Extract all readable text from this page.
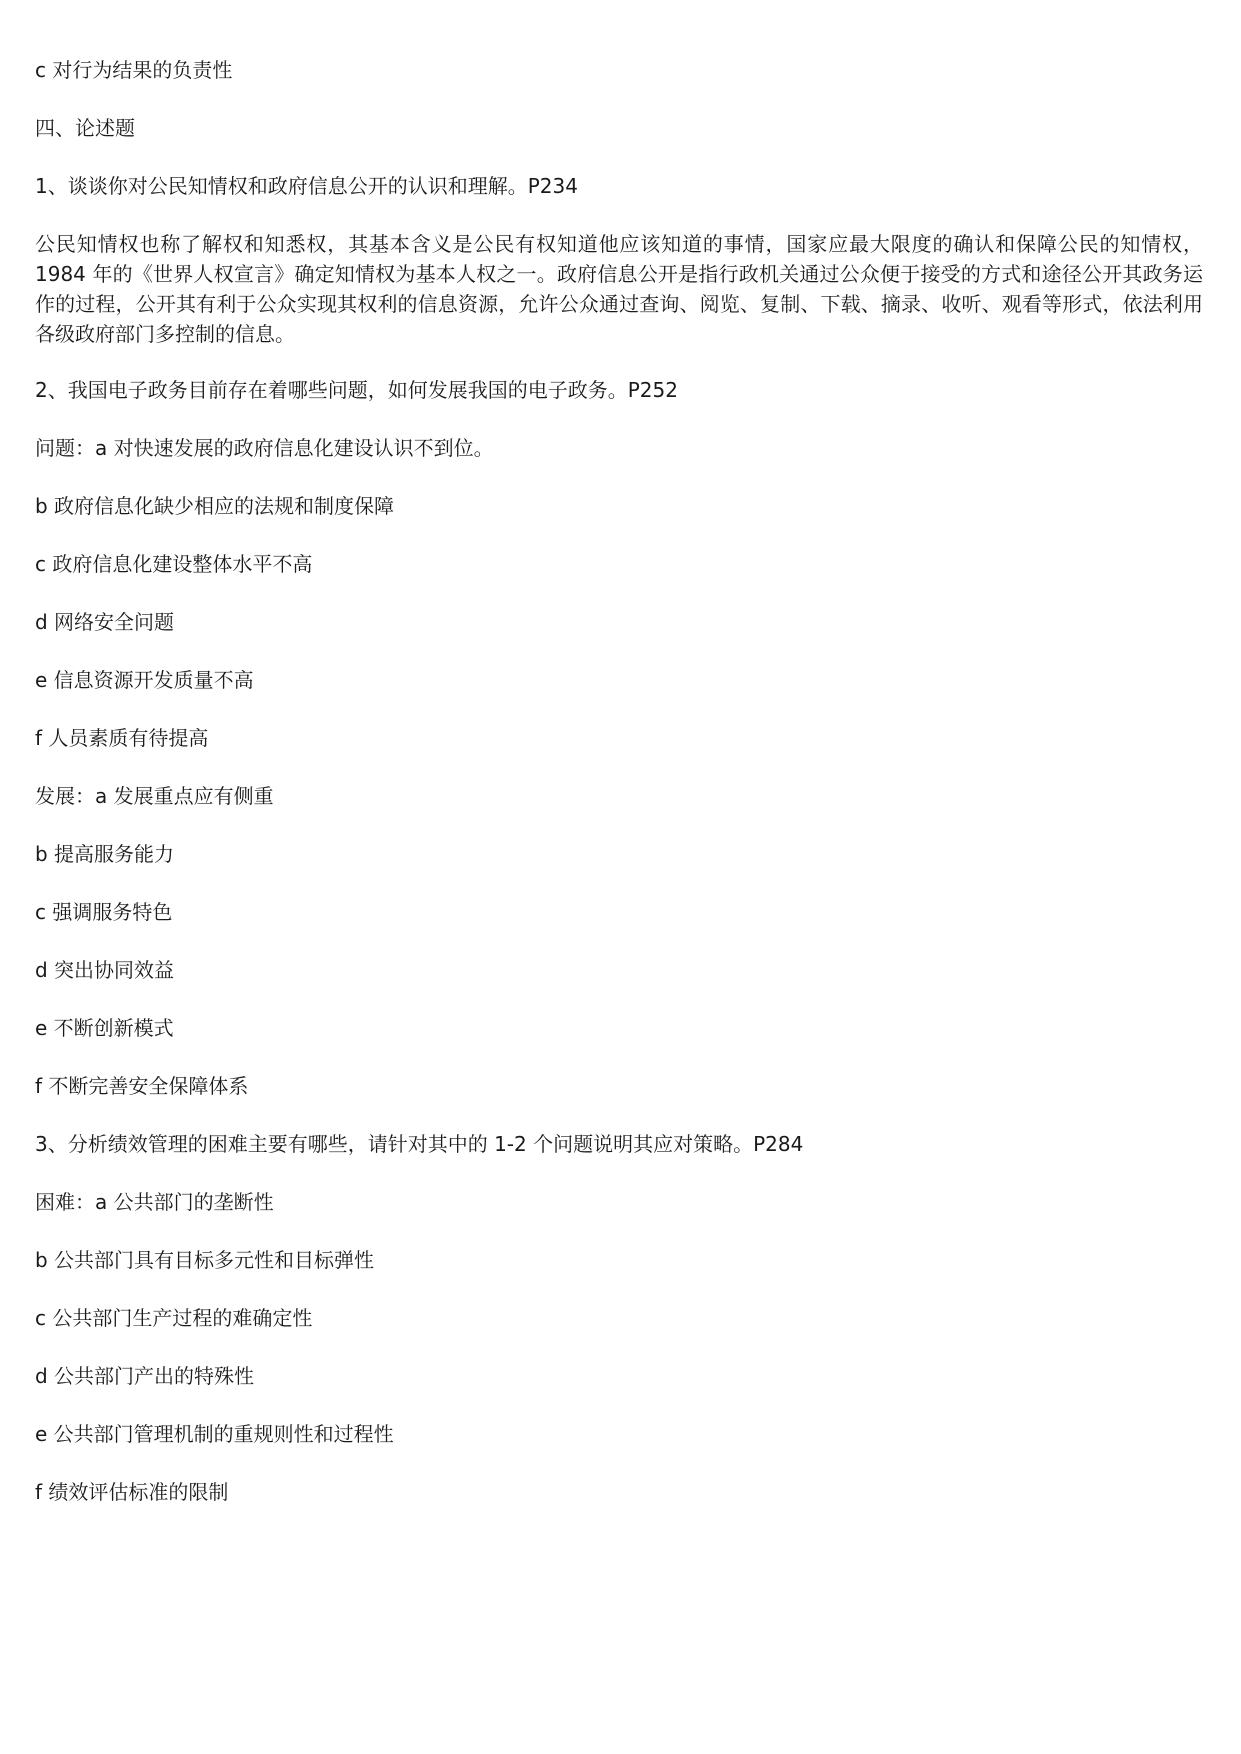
c 对行为结果的负责性

四、论述题

1、谈谈你对公民知情权和政府信息公开的认识和理解。P234

公民知情权也称了解权和知悉权，其基本含义是公民有权知道他应该知道的事情，国家应最大限度的确认和保障公民的知情权，1984 年的《世界人权宣言》确定知情权为基本人权之一。政府信息公开是指行政机关通过公众便于接受的方式和途径公开其政务运作的过程，公开其有利于公众实现其权利的信息资源，允许公众通过查询、阅览、复制、下载、摘录、收听、观看等形式，依法利用各级政府部门多控制的信息。

2、我国电子政务目前存在着哪些问题，如何发展我国的电子政务。P252

问题：a 对快速发展的政府信息化建设认识不到位。

b 政府信息化缺少相应的法规和制度保障

c 政府信息化建设整体水平不高

d 网络安全问题

e 信息资源开发质量不高

f 人员素质有待提高

发展：a 发展重点应有侧重

b 提高服务能力

c 强调服务特色

d 突出协同效益

e 不断创新模式

f 不断完善安全保障体系

3、分析绩效管理的困难主要有哪些，请针对其中的 1-2 个问题说明其应对策略。P284

困难：a 公共部门的垄断性

b 公共部门具有目标多元性和目标弹性

c 公共部门生产过程的难确定性

d 公共部门产出的特殊性

e 公共部门管理机制的重规则性和过程性

f 绩效评估标准的限制
